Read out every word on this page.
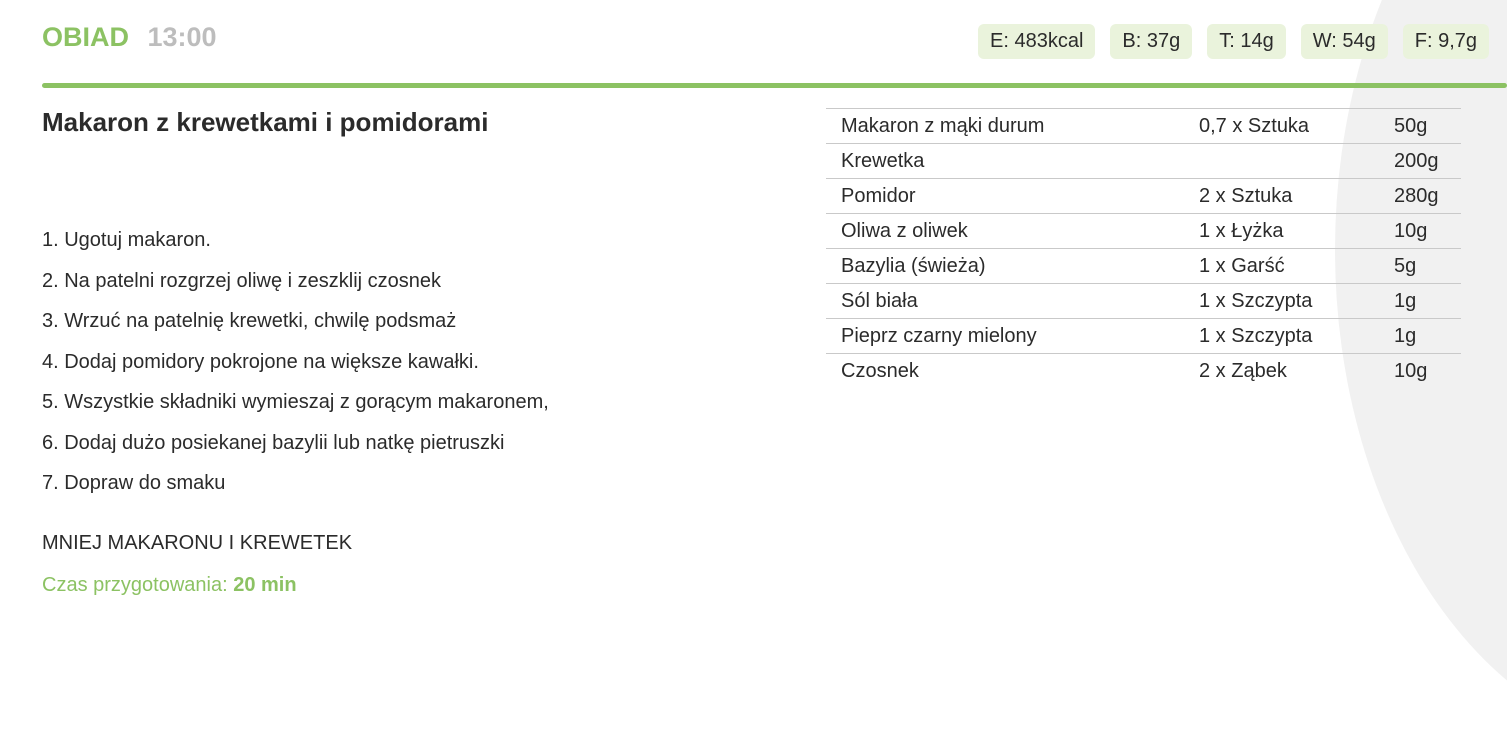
OBIAD 13:00	E: 483kcal	B: 37g	T: 14g	W: 54g	F: 9,7g
Makaron z krewetkami i pomidorami
1. Ugotuj makaron.
2. Na patelni rozgrzej oliwę i zeszklij czosnek
3. Wrzuć na patelnię krewetki, chwilę podsmaż
4. Dodaj pomidory pokrojone na większe kawałki.
5. Wszystkie składniki wymieszaj z gorącym makaronem,
6. Dodaj dużo posiekanej bazylii lub natkę pietruszki
7. Dopraw do smaku
MNIEJ MAKARONU I KREWETEK
Czas przygotowania: 20 min
Makaron z mąki durum	0,7 x Sztuka	50g
Krewetka		200g
Pomidor	2 x Sztuka	280g
Oliwa z oliwek	1 x Łyżka	10g
Bazylia (świeża)	1 x Garść	5g
Sól biała	1 x Szczypta	1g
Pieprz czarny mielony	1 x Szczypta	1g
Czosnek	2 x Ząbek	10g
